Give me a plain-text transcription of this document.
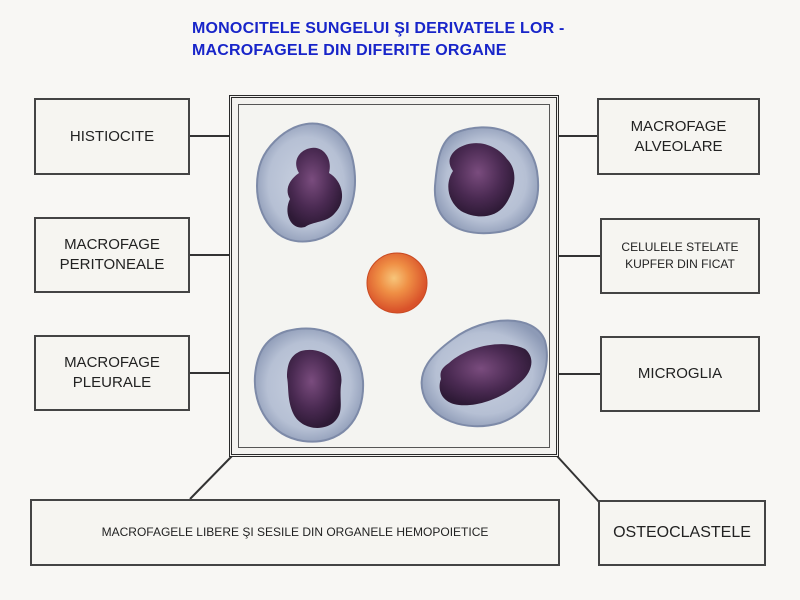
MONOCITELE SUNGELUI ŞI DERIVATELE LOR -
MACROFAGELE DIN DIFERITE ORGANE
HISTIOCITE
MACROFAGE
PERITONEALE
MACROFAGE
PLEURALE
MACROFAGE
ALVEOLARE
CELULELE STELATE
KUPFER DIN FICAT
MICROGLIA
MACROFAGELE LIBERE ŞI SESILE DIN ORGANELE HEMOPOIETICE	OSTEOCLASTELE
